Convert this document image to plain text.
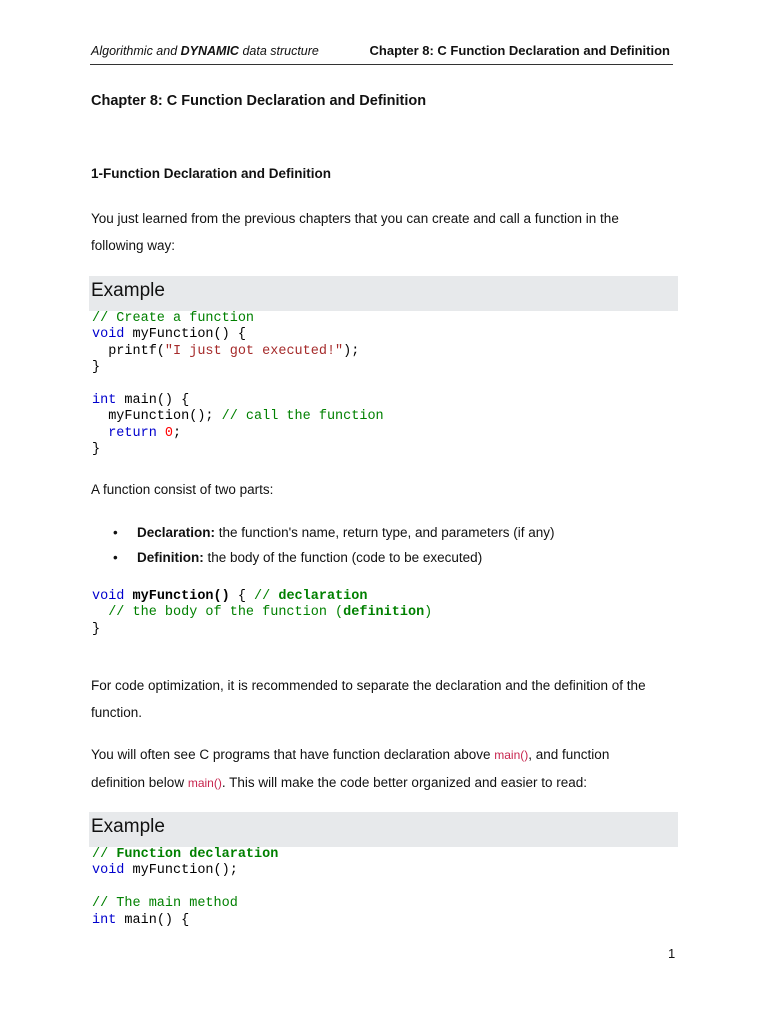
Algorithmic and DYNAMIC data structure	Chapter 8: C Function Declaration and Definition
Chapter 8: C Function Declaration and Definition
1-Function Declaration and Definition
You just learned from the previous chapters that you can create and call a function in the
following way:
Example
// Create a function
void myFunction() {
printf("I just got executed!");
}

int main() {
myFunction(); // call the function
return 0;
}
A function consist of two parts:
• Declaration: the function's name, return type, and parameters (if any)
• Definition: the body of the function (code to be executed)
void myFunction() { // declaration
// the body of the function (definition)
}
For code optimization, it is recommended to separate the declaration and the definition of the
function.
You will often see C programs that have function declaration above main(), and function
definition below main(). This will make the code better organized and easier to read:
Example
// Function declaration
void myFunction();

// The main method
int main() {
1
